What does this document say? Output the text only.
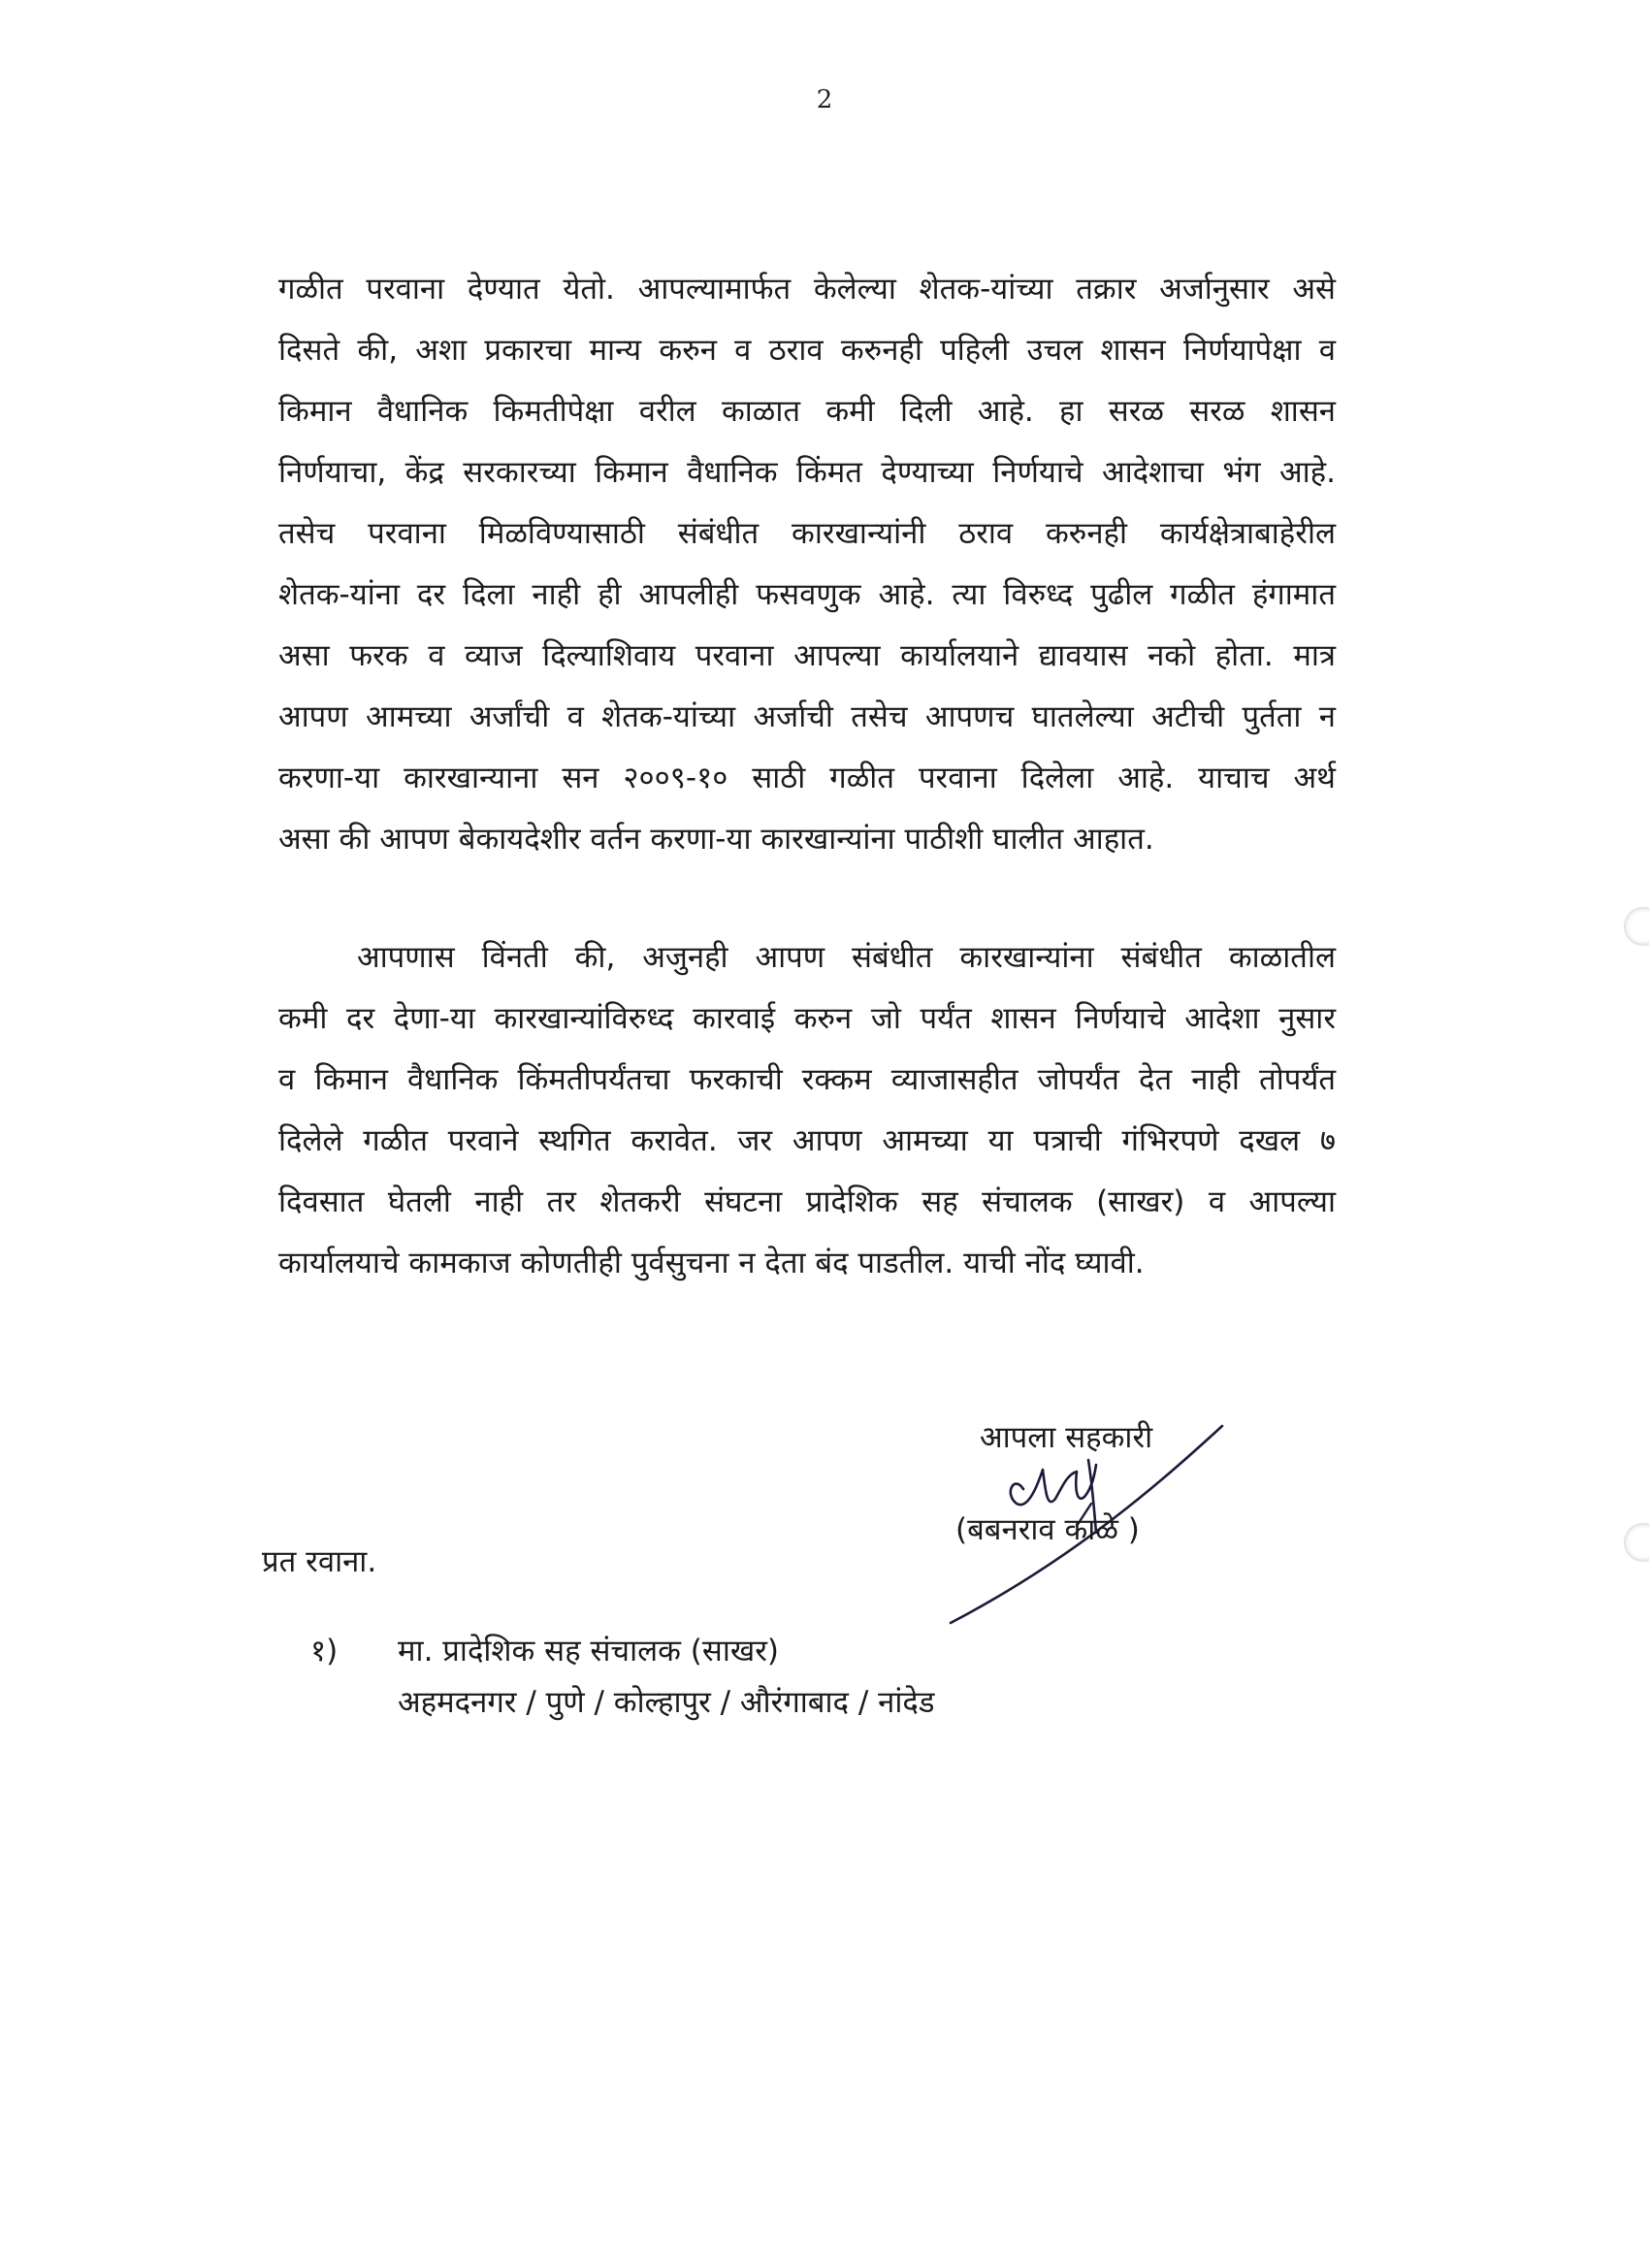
2
गळीत परवाना देण्यात येतो. आपल्यामार्फत केलेल्या शेतक-यांच्या तक्रार अर्जानुसार असे
दिसते की, अशा प्रकारचा मान्य करुन व ठराव करुनही पहिली उचल शासन निर्णयापेक्षा व
किमान वैधानिक किमतीपेक्षा वरील काळात कमी दिली आहे. हा सरळ सरळ शासन
निर्णयाचा, केंद्र सरकारच्या किमान वैधानिक किंमत देण्याच्या निर्णयाचे आदेशाचा भंग आहे.
तसेच परवाना मिळविण्यासाठी संबंधीत कारखान्यांनी ठराव करुनही कार्यक्षेत्राबाहेरील
शेतक-यांना दर दिला नाही ही आपलीही फसवणुक आहे. त्या विरुध्द पुढील गळीत हंगामात
असा फरक व व्याज दिल्याशिवाय परवाना आपल्या कार्यालयाने द्यावयास नको होता. मात्र
आपण आमच्या अर्जांची व शेतक-यांच्या अर्जाची तसेच आपणच घातलेल्या अटीची पुर्तता न
करणा-या कारखान्याना सन २००९-१० साठी गळीत परवाना दिलेला आहे. याचाच अर्थ
असा की आपण बेकायदेशीर वर्तन करणा-या कारखान्यांना पाठीशी घालीत आहात.
आपणास विंनती की, अजुनही आपण संबंधीत कारखान्यांना संबंधीत काळातील
कमी दर देणा-या कारखान्यांविरुध्द कारवाई करुन जो पर्यंत शासन निर्णयाचे आदेशा नुसार
व किमान वैधानिक किंमतीपर्यंतचा फरकाची रक्कम व्याजासहीत जोपर्यंत देत नाही तोपर्यंत
दिलेले गळीत परवाने स्थगित करावेत. जर आपण आमच्या या पत्राची गंभिरपणे दखल ७
दिवसात घेतली नाही तर शेतकरी संघटना प्रादेशिक सह संचालक (साखर) व आपल्या
कार्यालयाचे कामकाज कोणतीही पुर्वसुचना न देता बंद पाडतील. याची नोंद घ्यावी.
आपला सहकारी
(बबनराव काळे )
प्रत रवाना.
१) मा. प्रादेशिक सह संचालक (साखर)
अहमदनगर / पुणे / कोल्हापुर / औरंगाबाद / नांदेड
